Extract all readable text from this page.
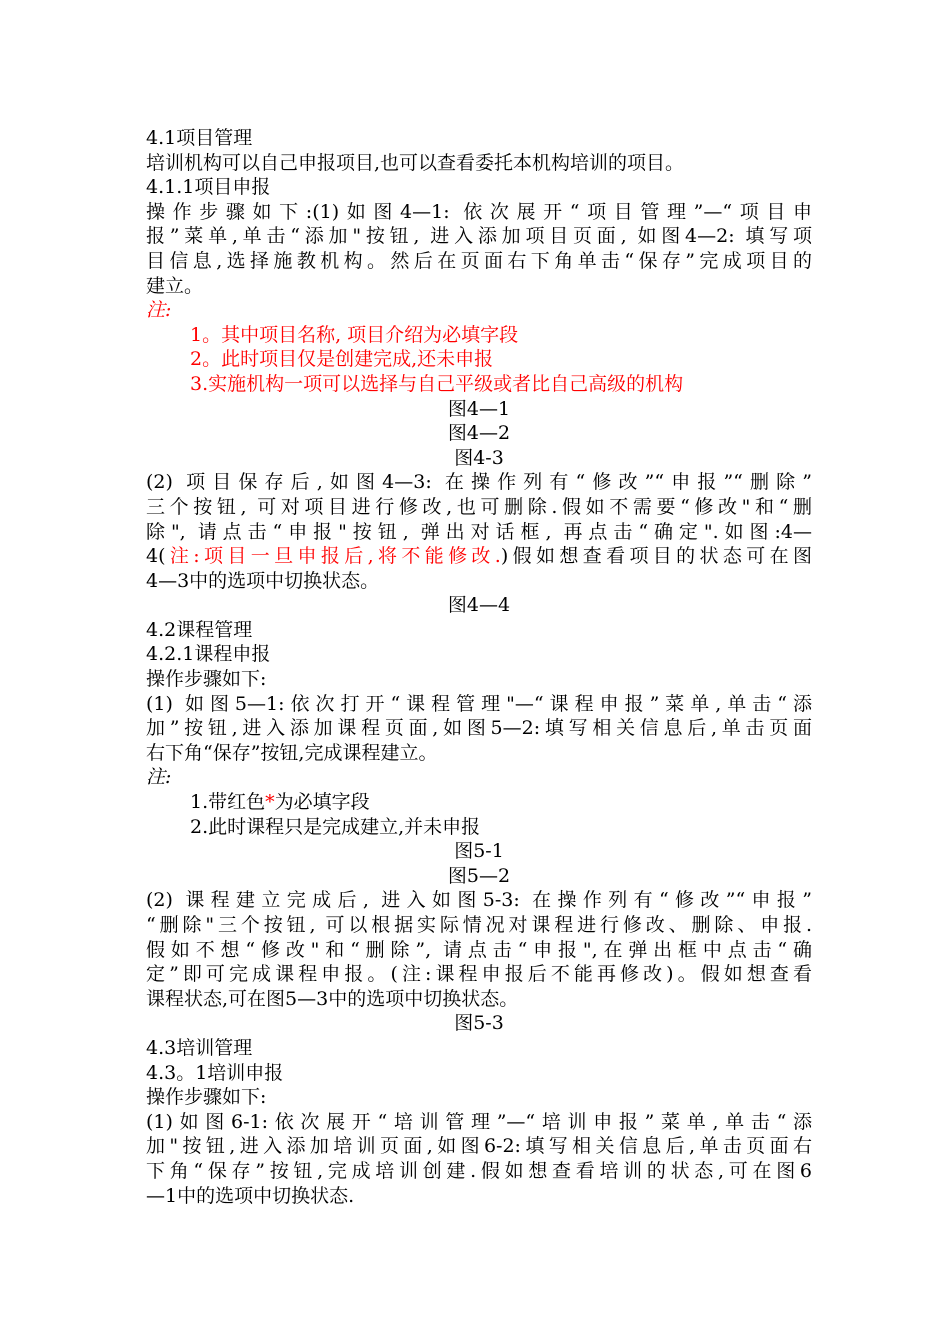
4.1项目管理
培训机构可以自己申报项目,也可以查看委托本机构培训的项目。
4.1.1项目申报
操作步骤如下:(1)如图4—1: 依次展开“项目管理”—“项目申
报”菜单,单击“添加"按钮, 进入添加项目页面, 如图4—2: 填写项
目信息,选择施教机构。然后在页面右下角单击“保存”完成项目的
建立。
注:
1。其中项目名称, 项目介绍为必填字段
2。此时项目仅是创建完成,还未申报
3.实施机构一项可以选择与自己平级或者比自己高级的机构
图4—1
图4—2
图4-3
(2) 项目保存后,如图4—3: 在操作列有“修改”“申报”“删除”
三个按钮, 可对项目进行修改,也可删除.假如不需要“修改"和“删
除", 请点击“申报"按钮, 弹出对话框, 再点击“确定".如图:4—
4(注:项目一旦申报后,将不能修改.)假如想查看项目的状态可在图
4—3中的选项中切换状态。
图4—4
4.2课程管理
4.2.1课程申报
操作步骤如下:
(1) 如图5—1:依次打开“课程管理"—“课程申报”菜单,单击“添
加”按钮,进入添加课程页面,如图5—2:填写相关信息后,单击页面
右下角“保存”按钮,完成课程建立。
注:
1.带红色*为必填字段
2.此时课程只是完成建立,并未申报
图5-1
图5—2
(2) 课程建立完成后, 进入如图5-3: 在操作列有“修改”“申报”
“删除"三个按钮, 可以根据实际情况对课程进行修改、删除、申报.
假如不想“修改"和“删除”, 请点击“申报",在弹出框中点击“确
定”即可完成课程申报。(注:课程申报后不能再修改)。假如想查看
课程状态,可在图5—3中的选项中切换状态。
图5-3
4.3培训管理
4.3。1培训申报
操作步骤如下:
(1)如图6-1:依次展开“培训管理”—“培训申报”菜单,单击“添
加"按钮,进入添加培训页面,如图6-2:填写相关信息后,单击页面右
下角“保存”按钮,完成培训创建.假如想查看培训的状态,可在图6
—1中的选项中切换状态.
